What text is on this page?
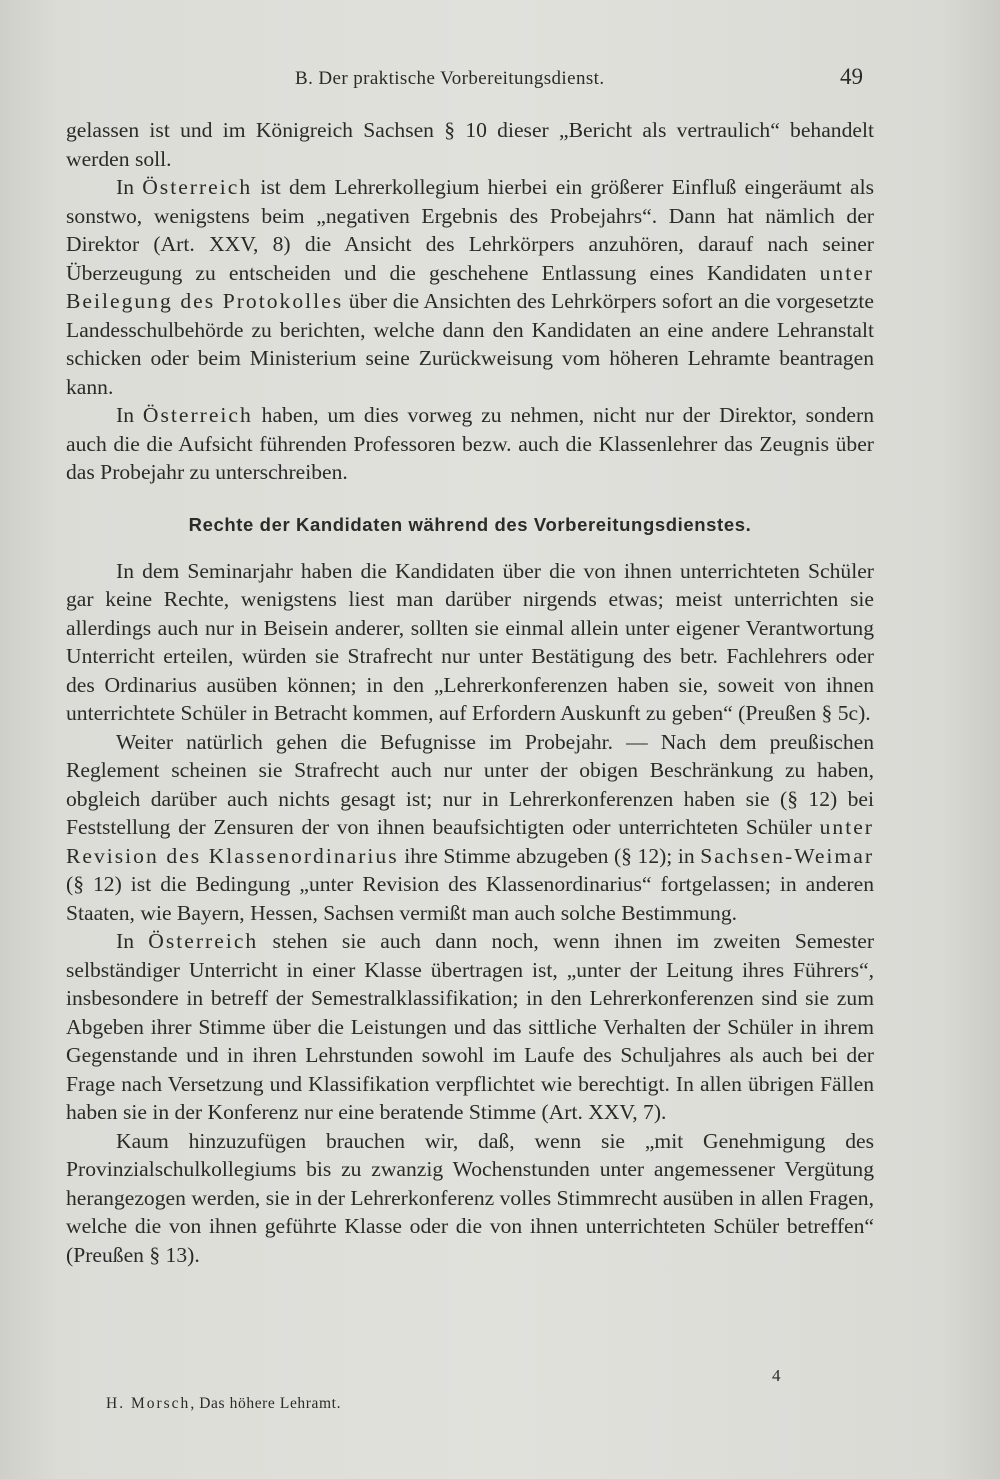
B. Der praktische Vorbereitungsdienst.	49

gelassen ist und im Königreich Sachsen § 10 dieser „Bericht als vertraulich“ behandelt werden soll.

In Österreich ist dem Lehrerkollegium hierbei ein größerer Einfluß eingeräumt als sonstwo, wenigstens beim „negativen Ergebnis des Probejahrs“. Dann hat nämlich der Direktor (Art. XXV, 8) die Ansicht des Lehrkörpers anzuhören, darauf nach seiner Überzeugung zu entscheiden und die geschehene Entlassung eines Kandidaten unter Beilegung des Protokolles über die Ansichten des Lehrkörpers sofort an die vorgesetzte Landesschulbehörde zu berichten, welche dann den Kandidaten an eine andere Lehranstalt schicken oder beim Ministerium seine Zurückweisung vom höheren Lehramte beantragen kann.

In Österreich haben, um dies vorweg zu nehmen, nicht nur der Direktor, sondern auch die die Aufsicht führenden Professoren bezw. auch die Klassenlehrer das Zeugnis über das Probejahr zu unterschreiben.

Rechte der Kandidaten während des Vorbereitungsdienstes.

In dem Seminarjahr haben die Kandidaten über die von ihnen unterrichteten Schüler gar keine Rechte, wenigstens liest man darüber nirgends etwas; meist unterrichten sie allerdings auch nur in Beisein anderer, sollten sie einmal allein unter eigener Verantwortung Unterricht erteilen, würden sie Strafrecht nur unter Bestätigung des betr. Fachlehrers oder des Ordinarius ausüben können; in den „Lehrerkonferenzen haben sie, soweit von ihnen unterrichtete Schüler in Betracht kommen, auf Erfordern Auskunft zu geben“ (Preußen § 5c).

Weiter natürlich gehen die Befugnisse im Probejahr. — Nach dem preußischen Reglement scheinen sie Strafrecht auch nur unter der obigen Beschränkung zu haben, obgleich darüber auch nichts gesagt ist; nur in Lehrerkonferenzen haben sie (§ 12) bei Feststellung der Zensuren der von ihnen beaufsichtigten oder unterrichteten Schüler unter Revision des Klassenordinarius ihre Stimme abzugeben (§ 12); in Sachsen-Weimar (§ 12) ist die Bedingung „unter Revision des Klassenordinarius“ fortgelassen; in anderen Staaten, wie Bayern, Hessen, Sachsen vermißt man auch solche Bestimmung.

In Österreich stehen sie auch dann noch, wenn ihnen im zweiten Semester selbständiger Unterricht in einer Klasse übertragen ist, „unter der Leitung ihres Führers“, insbesondere in betreff der Semestralklassifikation; in den Lehrerkonferenzen sind sie zum Abgeben ihrer Stimme über die Leistungen und das sittliche Verhalten der Schüler in ihrem Gegenstande und in ihren Lehrstunden sowohl im Laufe des Schuljahres als auch bei der Frage nach Versetzung und Klassifikation verpflichtet wie berechtigt. In allen übrigen Fällen haben sie in der Konferenz nur eine beratende Stimme (Art. XXV, 7).

Kaum hinzuzufügen brauchen wir, daß, wenn sie „mit Genehmigung des Provinzialschulkollegiums bis zu zwanzig Wochenstunden unter angemessener Vergütung herangezogen werden, sie in der Lehrerkonferenz volles Stimmrecht ausüben in allen Fragen, welche die von ihnen geführte Klasse oder die von ihnen unterrichteten Schüler betreffen“ (Preußen § 13).

4
H. Morsch, Das höhere Lehramt.
